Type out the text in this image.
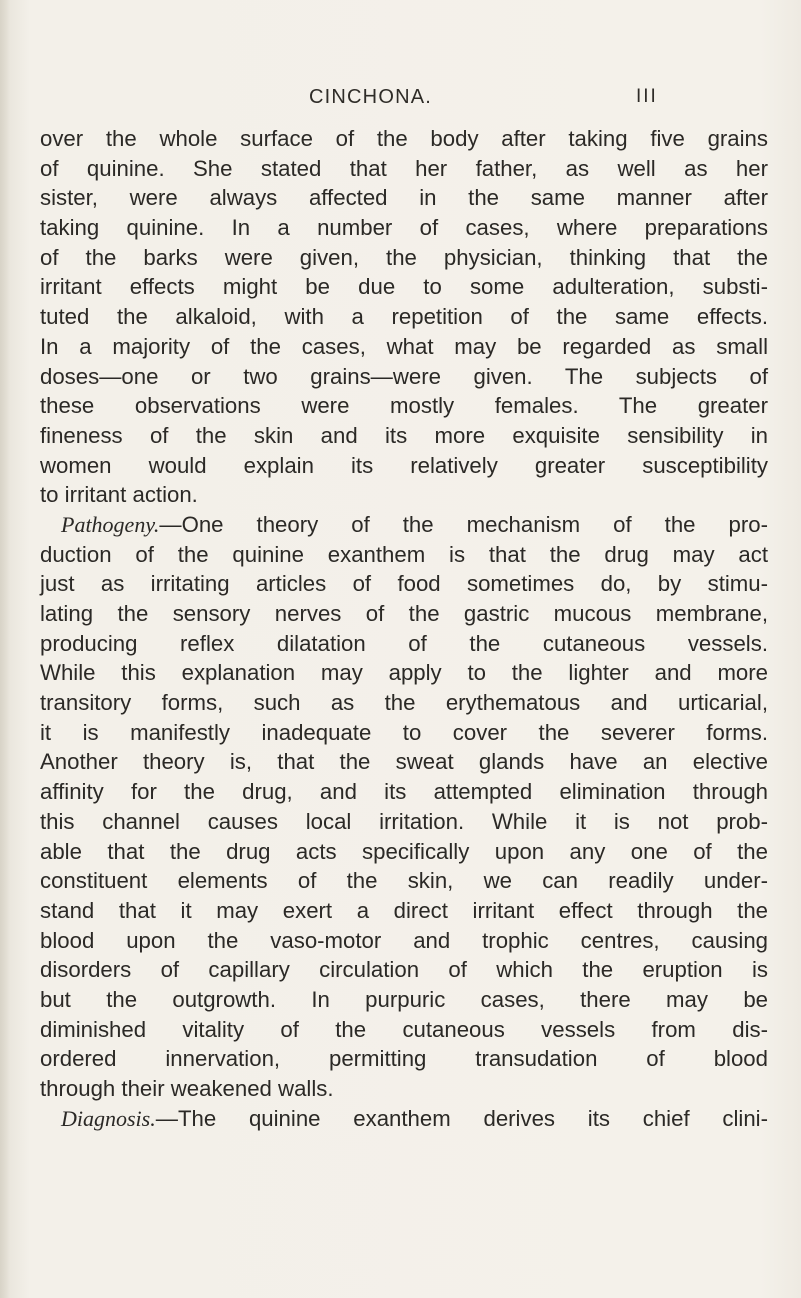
CINCHONA.	III
over the whole surface of the body after taking five grains
of quinine. She stated that her father, as well as her
sister, were always affected in the same manner after
taking quinine. In a number of cases, where preparations
of the barks were given, the physician, thinking that the
irritant effects might be due to some adulteration, substi-
tuted the alkaloid, with a repetition of the same effects.
In a majority of the cases, what may be regarded as small
doses—one or two grains—were given. The subjects of
these observations were mostly females. The greater
fineness of the skin and its more exquisite sensibility in
women would explain its relatively greater susceptibility
to irritant action.
Pathogeny.—One theory of the mechanism of the pro-
duction of the quinine exanthem is that the drug may act
just as irritating articles of food sometimes do, by stimu-
lating the sensory nerves of the gastric mucous membrane,
producing reflex dilatation of the cutaneous vessels.
While this explanation may apply to the lighter and more
transitory forms, such as the erythematous and urticarial,
it is manifestly inadequate to cover the severer forms.
Another theory is, that the sweat glands have an elective
affinity for the drug, and its attempted elimination through
this channel causes local irritation. While it is not prob-
able that the drug acts specifically upon any one of the
constituent elements of the skin, we can readily under-
stand that it may exert a direct irritant effect through the
blood upon the vaso-motor and trophic centres, causing
disorders of capillary circulation of which the eruption is
but the outgrowth. In purpuric cases, there may be
diminished vitality of the cutaneous vessels from dis-
ordered innervation, permitting transudation of blood
through their weakened walls.
Diagnosis.—The quinine exanthem derives its chief clini-
